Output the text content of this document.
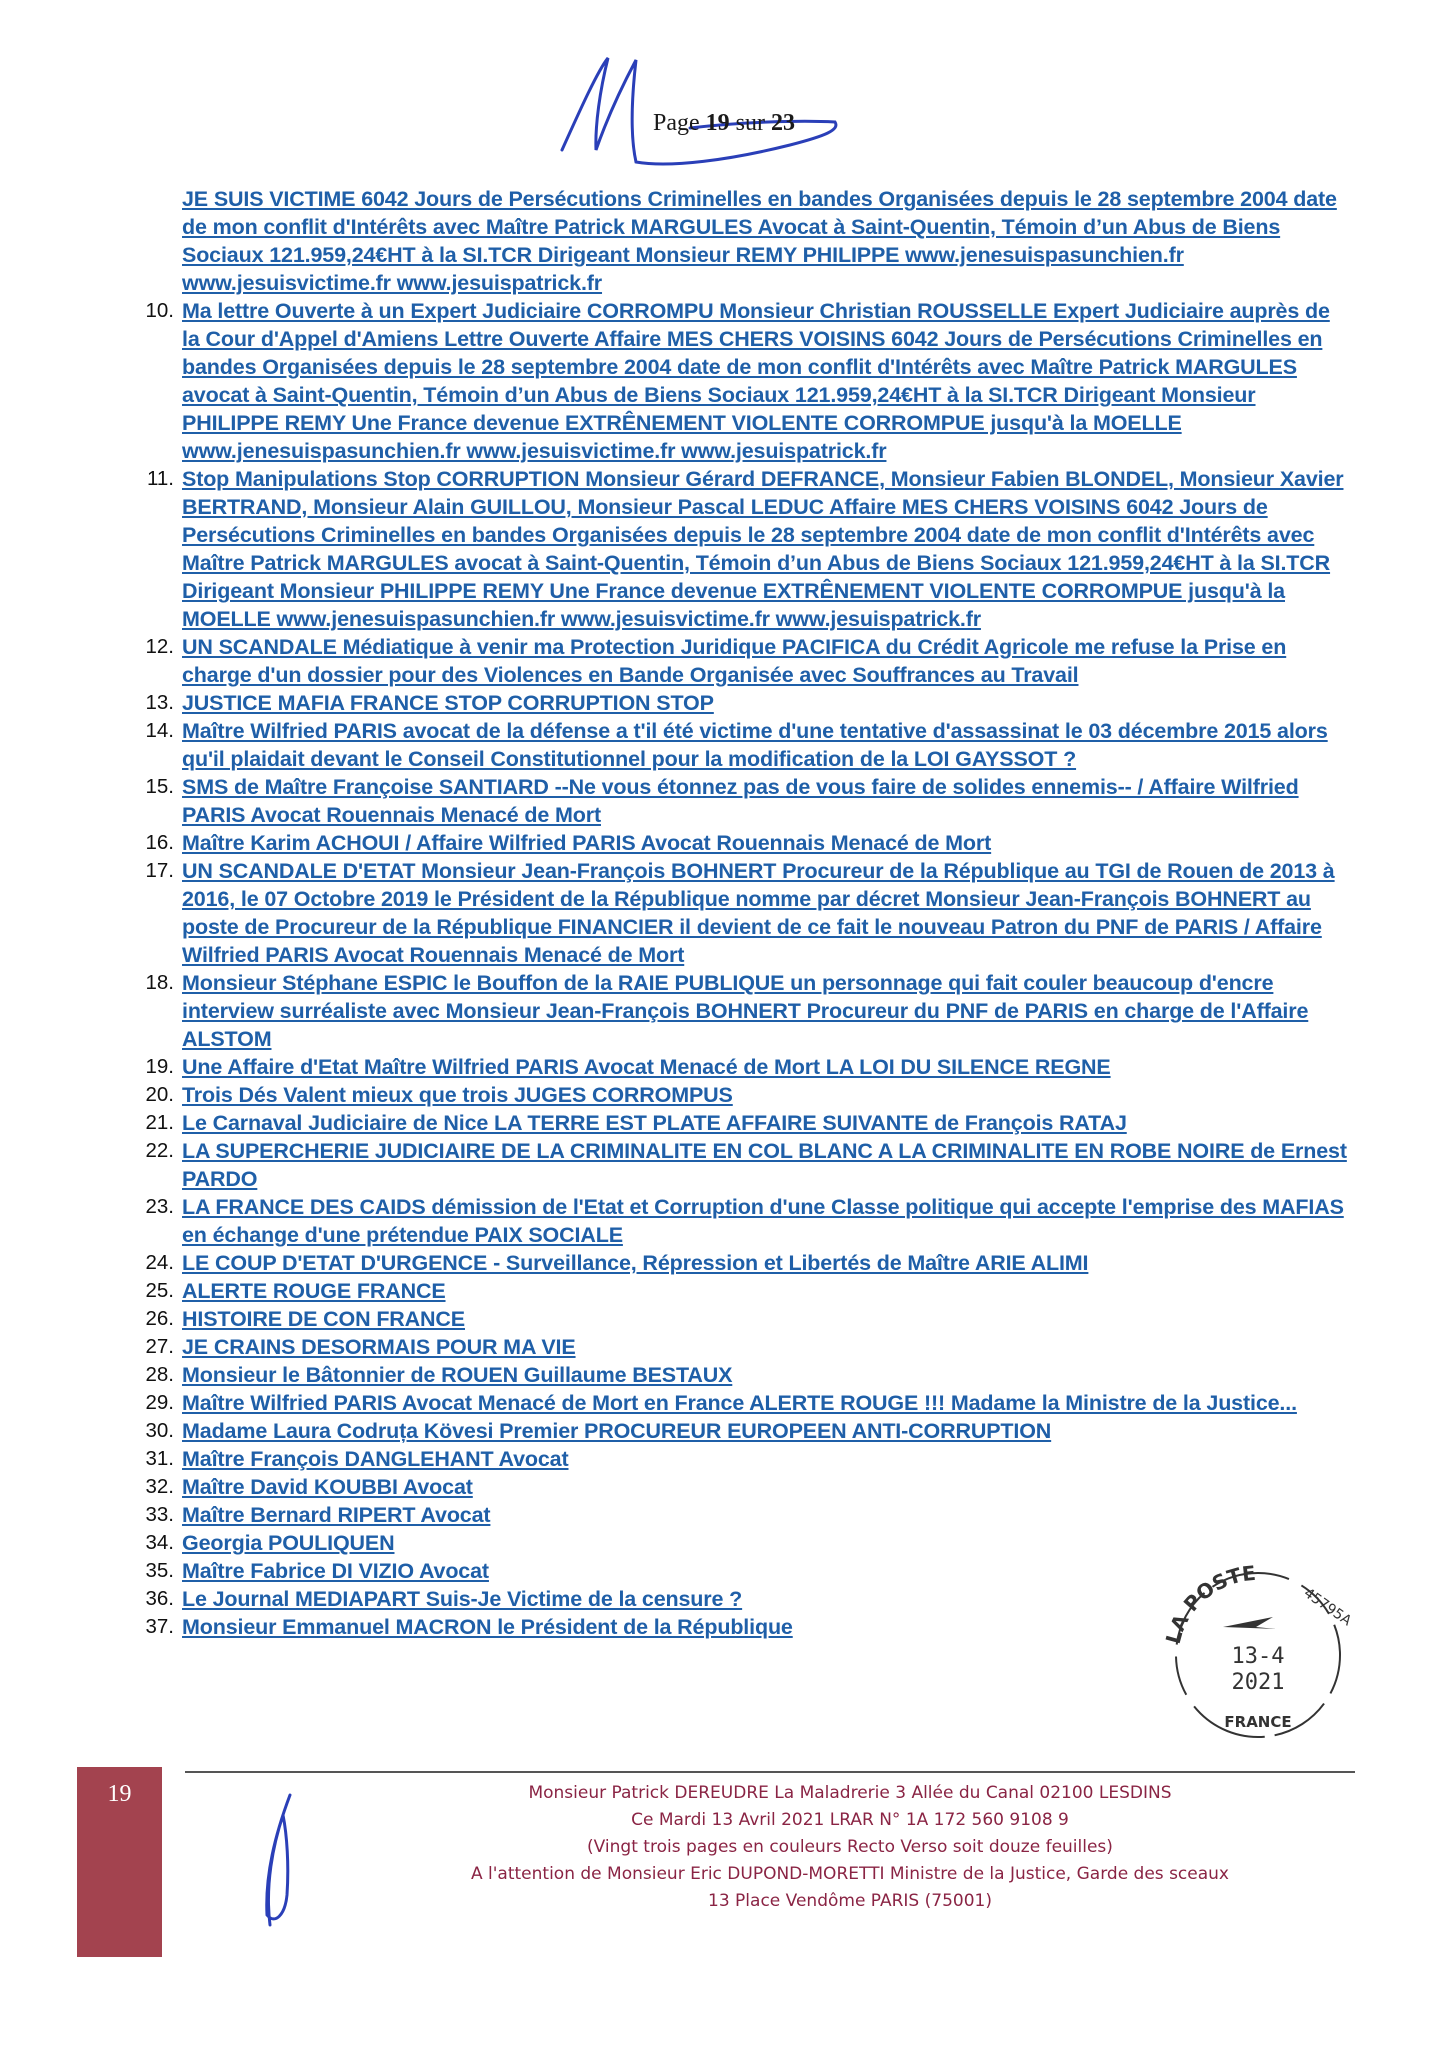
Page 19 sur 23
JE SUIS VICTIME 6042 Jours de Persécutions Criminelles en bandes Organisées depuis le 28 septembre 2004 date de mon conflit d'Intérêts avec Maître Patrick MARGULES Avocat à Saint-Quentin, Témoin d’un Abus de Biens Sociaux 121.959,24€HT à la SI.TCR Dirigeant Monsieur REMY PHILIPPE www.jenesuispasunchien.fr www.jesuisvictime.fr www.jesuispatrick.fr
10. Ma lettre Ouverte à un Expert Judiciaire CORROMPU Monsieur Christian ROUSSELLE Expert Judiciaire auprès de la Cour d'Appel d'Amiens Lettre Ouverte Affaire MES CHERS VOISINS 6042 Jours de Persécutions Criminelles en bandes Organisées depuis le 28 septembre 2004 date de mon conflit d'Intérêts avec Maître Patrick MARGULES avocat à Saint-Quentin, Témoin d’un Abus de Biens Sociaux 121.959,24€HT à la SI.TCR Dirigeant Monsieur PHILIPPE REMY Une France devenue EXTRÊNEMENT VIOLENTE CORROMPUE jusqu'à la MOELLE www.jenesuispasunchien.fr www.jesuisvictime.fr www.jesuispatrick.fr
11. Stop Manipulations Stop CORRUPTION Monsieur Gérard DEFRANCE, Monsieur Fabien BLONDEL, Monsieur Xavier BERTRAND, Monsieur Alain GUILLOU, Monsieur Pascal LEDUC Affaire MES CHERS VOISINS 6042 Jours de Persécutions Criminelles en bandes Organisées depuis le 28 septembre 2004 date de mon conflit d'Intérêts avec Maître Patrick MARGULES avocat à Saint-Quentin, Témoin d’un Abus de Biens Sociaux 121.959,24€HT à la SI.TCR Dirigeant Monsieur PHILIPPE REMY Une France devenue EXTRÊNEMENT VIOLENTE CORROMPUE jusqu'à la MOELLE www.jenesuispasunchien.fr www.jesuisvictime.fr www.jesuispatrick.fr
12. UN SCANDALE Médiatique à venir ma Protection Juridique PACIFICA du Crédit Agricole me refuse la Prise en charge d'un dossier pour des Violences en Bande Organisée avec Souffrances au Travail
13. JUSTICE MAFIA FRANCE STOP CORRUPTION STOP
14. Maître Wilfried PARIS avocat de la défense a t'il été victime d'une tentative d'assassinat le 03 décembre 2015 alors qu'il plaidait devant le Conseil Constitutionnel pour la modification de la LOI GAYSSOT ?
15. SMS de Maître Françoise SANTIARD --Ne vous étonnez pas de vous faire de solides ennemis-- / Affaire Wilfried PARIS Avocat Rouennais Menacé de Mort
16. Maître Karim ACHOUI / Affaire Wilfried PARIS Avocat Rouennais Menacé de Mort
17. UN SCANDALE D'ETAT Monsieur Jean-François BOHNERT Procureur de la République au TGI de Rouen de 2013 à 2016, le 07 Octobre 2019 le Président de la République nomme par décret Monsieur Jean-François BOHNERT au poste de Procureur de la République FINANCIER il devient de ce fait le nouveau Patron du PNF de PARIS / Affaire Wilfried PARIS Avocat Rouennais Menacé de Mort
18. Monsieur Stéphane ESPIC le Bouffon de la RAIE PUBLIQUE un personnage qui fait couler beaucoup d'encre interview surréaliste avec Monsieur Jean-François BOHNERT Procureur du PNF de PARIS en charge de l'Affaire ALSTOM
19. Une Affaire d'Etat Maître Wilfried PARIS Avocat Menacé de Mort LA LOI DU SILENCE REGNE
20. Trois Dés Valent mieux que trois JUGES CORROMPUS
21. Le Carnaval Judiciaire de Nice LA TERRE EST PLATE AFFAIRE SUIVANTE de François RATAJ
22. LA SUPERCHERIE JUDICIAIRE DE LA CRIMINALITE EN COL BLANC A LA CRIMINALITE EN ROBE NOIRE de Ernest PARDO
23. LA FRANCE DES CAIDS démission de l'Etat et Corruption d'une Classe politique qui accepte l'emprise des MAFIAS en échange d'une prétendue PAIX SOCIALE
24. LE COUP D'ETAT D'URGENCE - Surveillance, Répression et Libertés de Maître ARIE ALIMI
25. ALERTE ROUGE FRANCE
26. HISTOIRE DE CON FRANCE
27. JE CRAINS DESORMAIS POUR MA VIE
28. Monsieur le Bâtonnier de ROUEN Guillaume BESTAUX
29. Maître Wilfried PARIS Avocat Menacé de Mort en France ALERTE ROUGE !!! Madame la Ministre de la Justice...
30. Madame Laura Codruța Kövesi Premier PROCUREUR EUROPEEN ANTI-CORRUPTION
31. Maître François DANGLEHANT Avocat
32. Maître David KOUBBI Avocat
33. Maître Bernard RIPERT Avocat
34. Georgia POULIQUEN
35. Maître Fabrice DI VIZIO Avocat
36. Le Journal MEDIAPART Suis-Je Victime de la censure ?
37. Monsieur Emmanuel MACRON le Président de la République	LA POSTE
45795A
13-4
2021
FRANCE
19	Monsieur Patrick DEREUDRE La Maladrerie 3 Allée du Canal 02100 LESDINS
Ce Mardi 13 Avril 2021 LRAR N° 1A 172 560 9108 9
(Vingt trois pages en couleurs Recto Verso soit douze feuilles)
A l'attention de Monsieur Eric DUPOND-MORETTI Ministre de la Justice, Garde des sceaux
13 Place Vendôme PARIS (75001)
